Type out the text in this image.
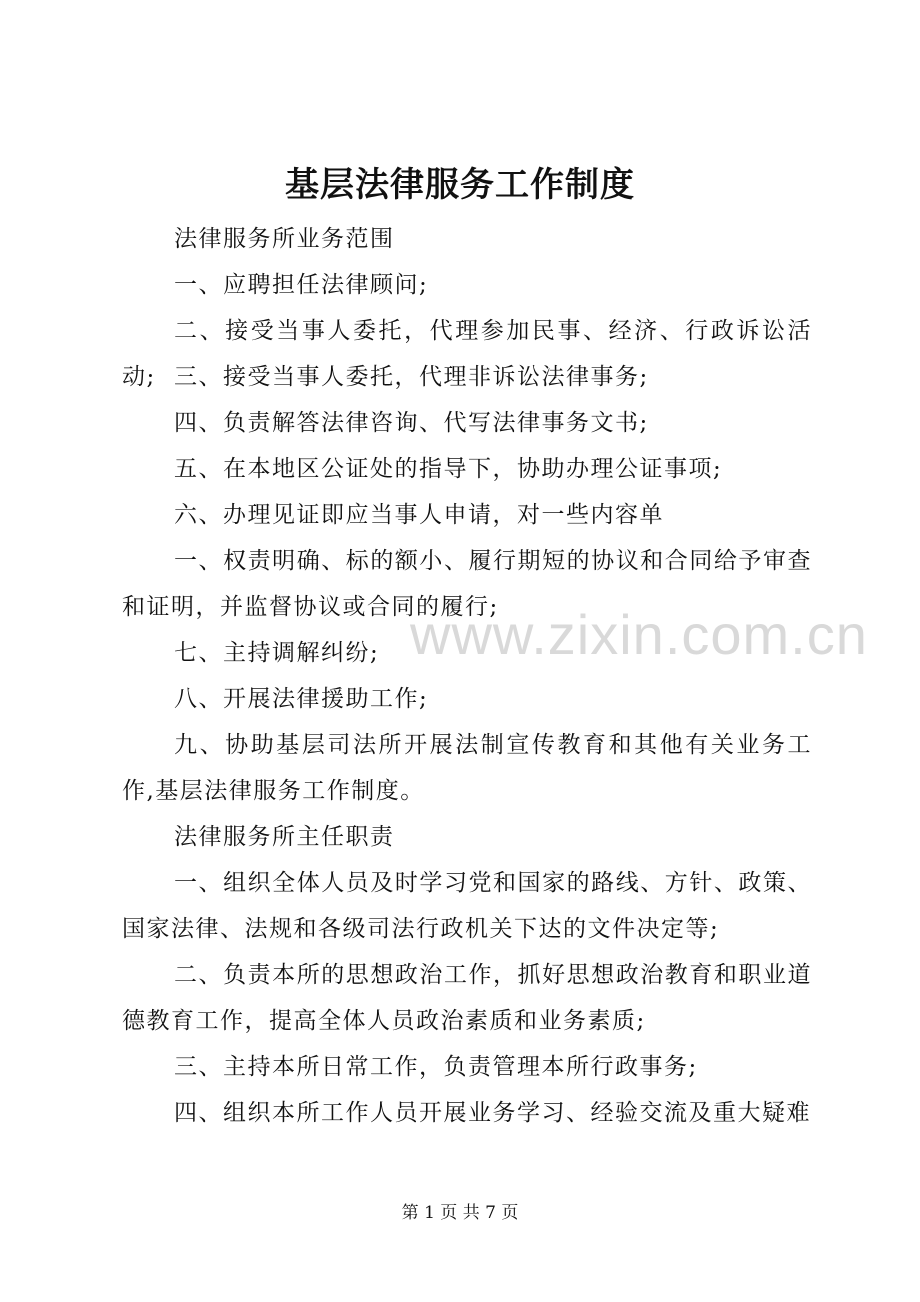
基层法律服务工作制度

法律服务所业务范围

一、应聘担任法律顾问;

二、接受当事人委托，代理参加民事、经济、行政诉讼活动; 三、接受当事人委托，代理非诉讼法律事务;

四、负责解答法律咨询、代写法律事务文书;

五、在本地区公证处的指导下，协助办理公证事项;

六、办理见证即应当事人申请，对一些内容单

一、权责明确、标的额小、履行期短的协议和合同给予审查和证明，并监督协议或合同的履行;

七、主持调解纠纷;

八、开展法律援助工作;

九、协助基层司法所开展法制宣传教育和其他有关业务工作,基层法律服务工作制度。

法律服务所主任职责

一、组织全体人员及时学习党和国家的路线、方针、政策、国家法律、法规和各级司法行政机关下达的文件决定等;

二、负责本所的思想政治工作，抓好思想政治教育和职业道德教育工作，提高全体人员政治素质和业务素质;

三、主持本所日常工作，负责管理本所行政事务;

四、组织本所工作人员开展业务学习、经验交流及重大疑难

www.zixin.com.cn
第 1 页 共 7 页
